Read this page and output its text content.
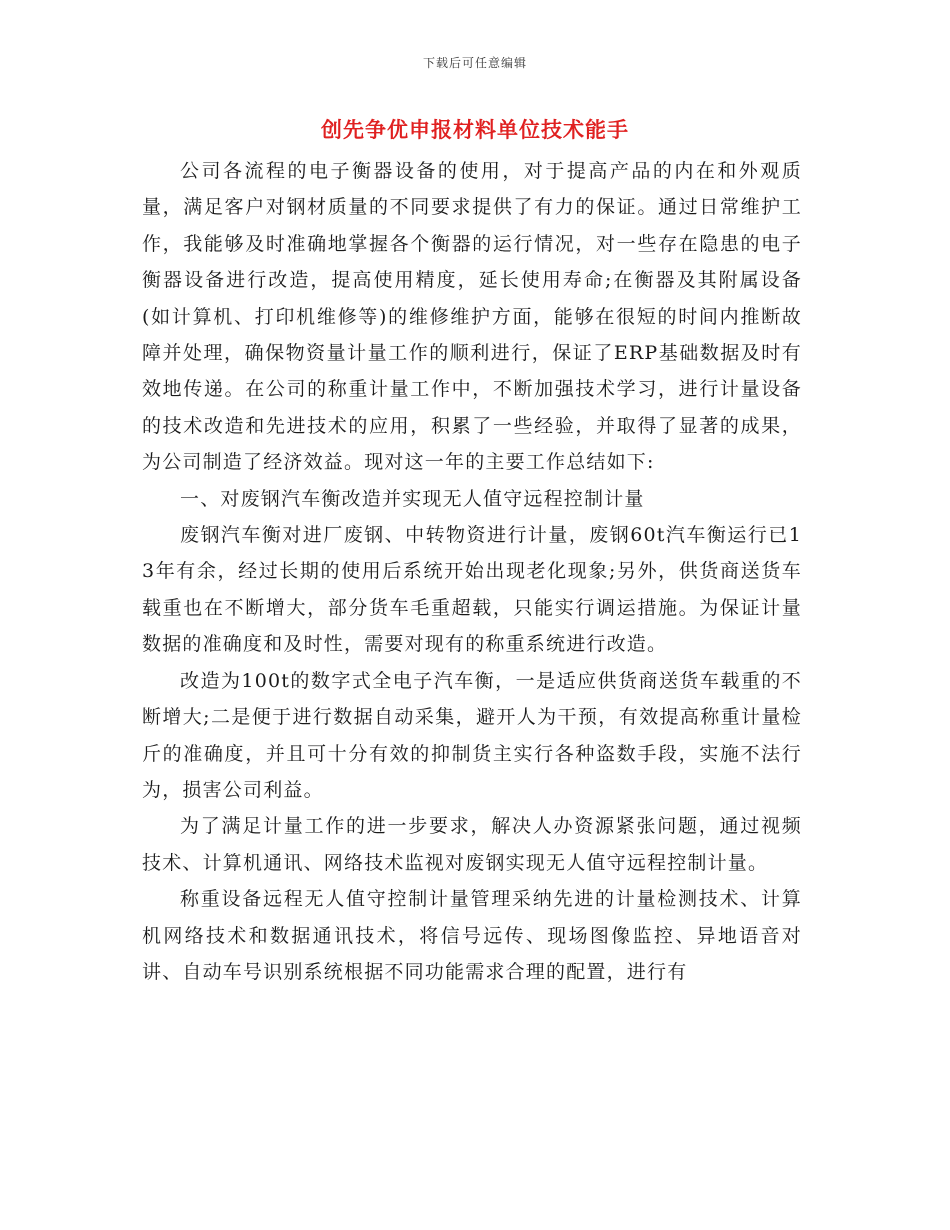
下载后可任意编辑
创先争优申报材料单位技术能手

公司各流程的电子衡器设备的使用，对于提高产品的内在和外观质量，满足客户对钢材质量的不同要求提供了有力的保证。通过日常维护工作，我能够及时准确地掌握各个衡器的运行情况，对一些存在隐患的电子衡器设备进行改造，提高使用精度，延长使用寿命;在衡器及其附属设备(如计算机、打印机维修等)的维修维护方面，能够在很短的时间内推断故障并处理，确保物资量计量工作的顺利进行，保证了ERP基础数据及时有效地传递。在公司的称重计量工作中，不断加强技术学习，进行计量设备的技术改造和先进技术的应用，积累了一些经验，并取得了显著的成果，为公司制造了经济效益。现对这一年的主要工作总结如下:

一、对废钢汽车衡改造并实现无人值守远程控制计量

废钢汽车衡对进厂废钢、中转物资进行计量，废钢60t汽车衡运行已13年有余，经过长期的使用后系统开始出现老化现象;另外，供货商送货车载重也在不断增大，部分货车毛重超载，只能实行调运措施。为保证计量数据的准确度和及时性，需要对现有的称重系统进行改造。

改造为100t的数字式全电子汽车衡，一是适应供货商送货车载重的不断增大;二是便于进行数据自动采集，避开人为干预，有效提高称重计量检斤的准确度，并且可十分有效的抑制货主实行各种盗数手段，实施不法行为，损害公司利益。

为了满足计量工作的进一步要求，解决人办资源紧张问题，通过视频技术、计算机通讯、网络技术监视对废钢实现无人值守远程控制计量。

称重设备远程无人值守控制计量管理采纳先进的计量检测技术、计算机网络技术和数据通讯技术，将信号远传、现场图像监控、异地语音对讲、自动车号识别系统根据不同功能需求合理的配置，进行有
